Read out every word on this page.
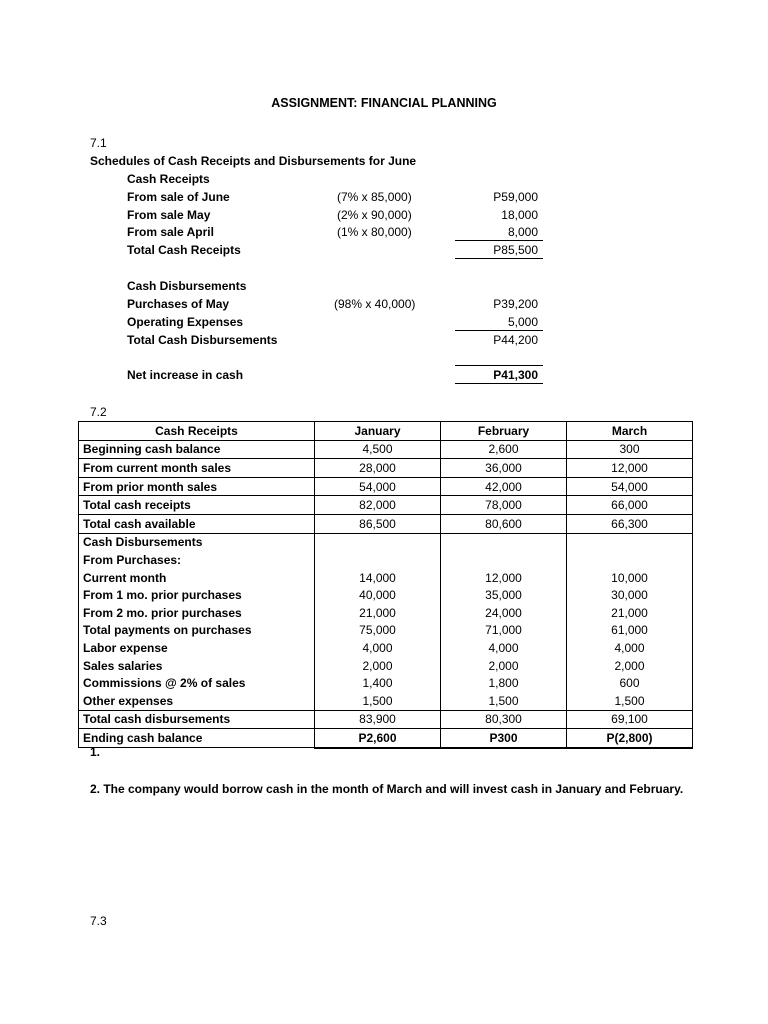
ASSIGNMENT: FINANCIAL PLANNING
7.1
Schedules of Cash Receipts and Disbursements for June
Cash Receipts
From sale of June	(7% x 85,000)	P59,000
From sale May	(2% x 90,000)	18,000
From sale April	(1% x 80,000)	8,000
Total Cash Receipts	P85,500
Cash Disbursements
Purchases of May	(98% x 40,000)	P39,200
Operating Expenses	5,000
Total Cash Disbursements	P44,200
Net increase in cash	P41,300
7.2
Cash Receipts	January	February	March
Beginning cash balance	4,500	2,600	300
From current month sales	28,000	36,000	12,000
From prior month sales	54,000	42,000	54,000
Total cash receipts	82,000	78,000	66,000
Total cash available	86,500	80,600	66,300
Cash Disbursements			
From Purchases:			
Current month	14,000	12,000	10,000
From 1 mo. prior purchases	40,000	35,000	30,000
From 2 mo. prior purchases	21,000	24,000	21,000
Total payments on purchases	75,000	71,000	61,000
Labor expense	4,000	4,000	4,000
Sales salaries	2,000	2,000	2,000
Commissions @ 2% of sales	1,400	1,800	600
Other expenses	1,500	1,500	1,500
Total cash disbursements	83,900	80,300	69,100
Ending cash balance	P2,600	P300	P(2,800)
1.
2. The company would borrow cash in the month of March and will invest cash in January and February.
7.3
